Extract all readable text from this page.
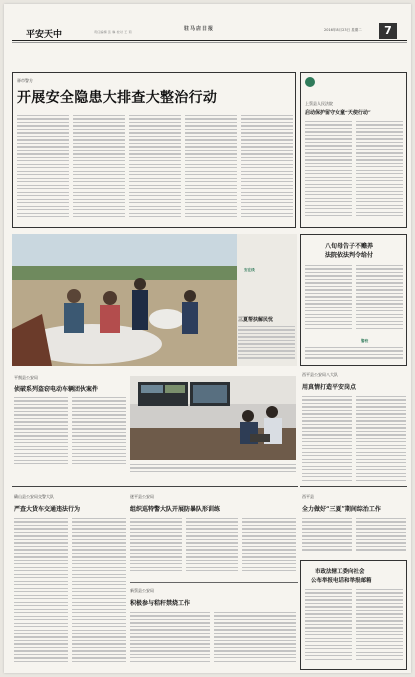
平安天中	责任编辑 张 琳 校对 王 莉	驻马店日报	2016年8月23日 星期二	7
驿市警方
开展安全隐患大排查大整治行动	上蔡县人民法院
启动保护留守女童“天使行动”
安在线
三夏帮扶解民忧
八旬母告子不赡养
法院依法判令给付
警校
平舆县公安局
侦破系列盗窃电动车辆团伙案件
西平县公安局八大队
用真情打造平安岗点
确山县公安局交警大队
严查大货车交通违法行为
遂平县公安局
组织巡特警大队开展防暴队形训练
新蔡县公安局
积极参与秸秆禁烧工作
西平县
全力做好“三夏”期间综治工作
市政法辖工委向社会
公布举报电话和举报邮箱
